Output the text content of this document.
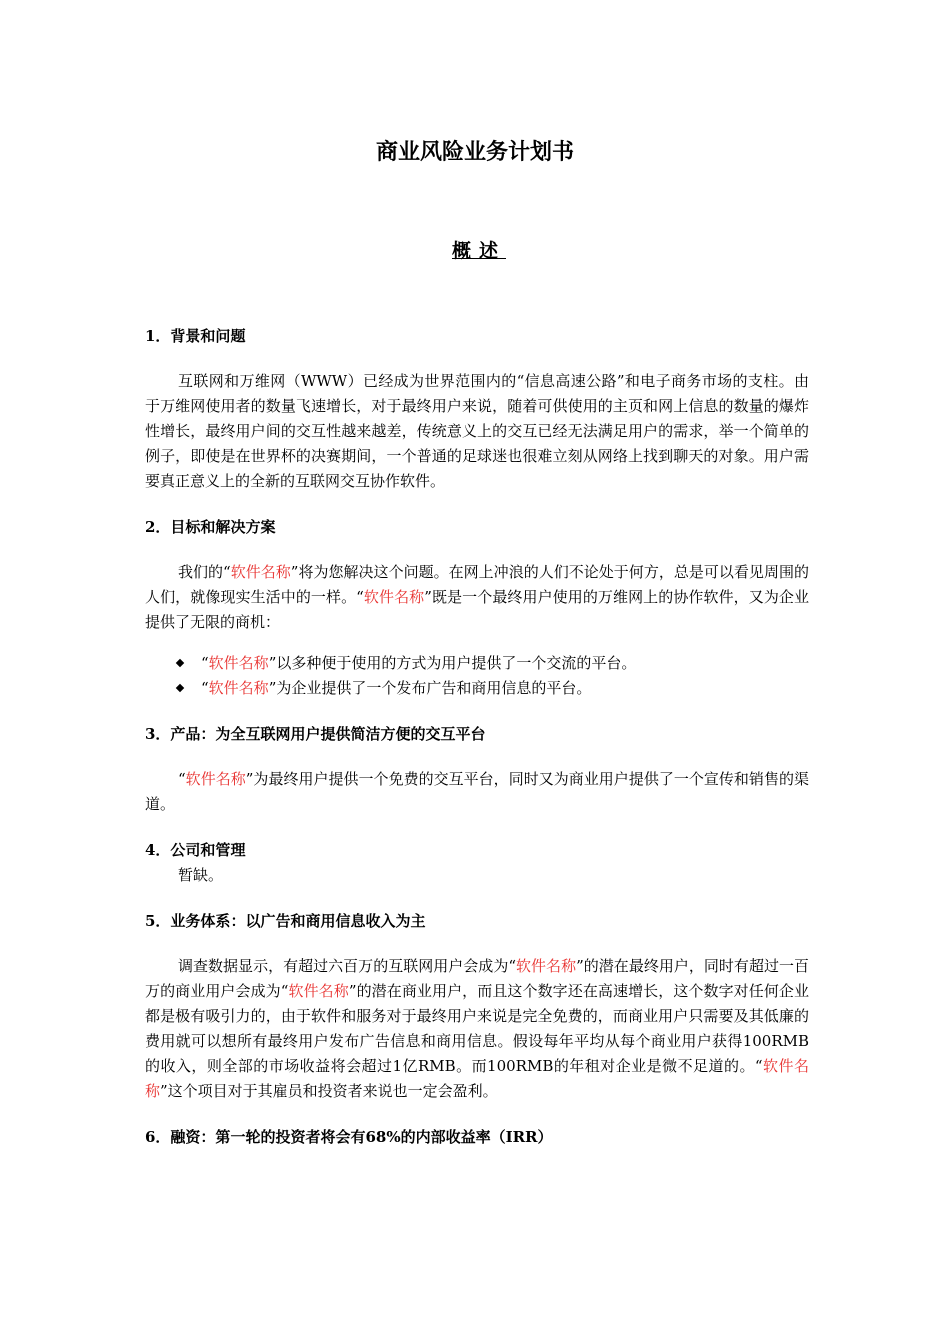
商业风险业务计划书
概述

1．背景和问题

互联网和万维网（WWW）已经成为世界范围内的“信息高速公路”和电子商务市场的支柱。由于万维网使用者的数量飞速增长，对于最终用户来说，随着可供使用的主页和网上信息的数量的爆炸性增长，最终用户间的交互性越来越差，传统意义上的交互已经无法满足用户的需求，举一个简单的例子，即使是在世界杯的决赛期间，一个普通的足球迷也很难立刻从网络上找到聊天的对象。用户需要真正意义上的全新的互联网交互协作软件。

2．目标和解决方案

我们的“软件名称”将为您解决这个问题。在网上冲浪的人们不论处于何方，总是可以看见周围的人们，就像现实生活中的一样。“软件名称”既是一个最终用户使用的万维网上的协作软件，又为企业提供了无限的商机：

“软件名称”以多种便于使用的方式为用户提供了一个交流的平台。
“软件名称”为企业提供了一个发布广告和商用信息的平台。

3．产品：为全互联网用户提供简洁方便的交互平台

“软件名称”为最终用户提供一个免费的交互平台，同时又为商业用户提供了一个宣传和销售的渠道。

4．公司和管理

暂缺。

5．业务体系：以广告和商用信息收入为主

调查数据显示，有超过六百万的互联网用户会成为“软件名称”的潜在最终用户，同时有超过一百万的商业用户会成为“软件名称”的潜在商业用户，而且这个数字还在高速增长，这个数字对任何企业都是极有吸引力的，由于软件和服务对于最终用户来说是完全免费的，而商业用户只需要及其低廉的费用就可以想所有最终用户发布广告信息和商用信息。假设每年平均从每个商业用户获得100RMB的收入，则全部的市场收益将会超过1亿RMB。而100RMB的年租对企业是微不足道的。“软件名称”这个项目对于其雇员和投资者来说也一定会盈利。

6．融资：第一轮的投资者将会有68%的内部收益率（IRR）
